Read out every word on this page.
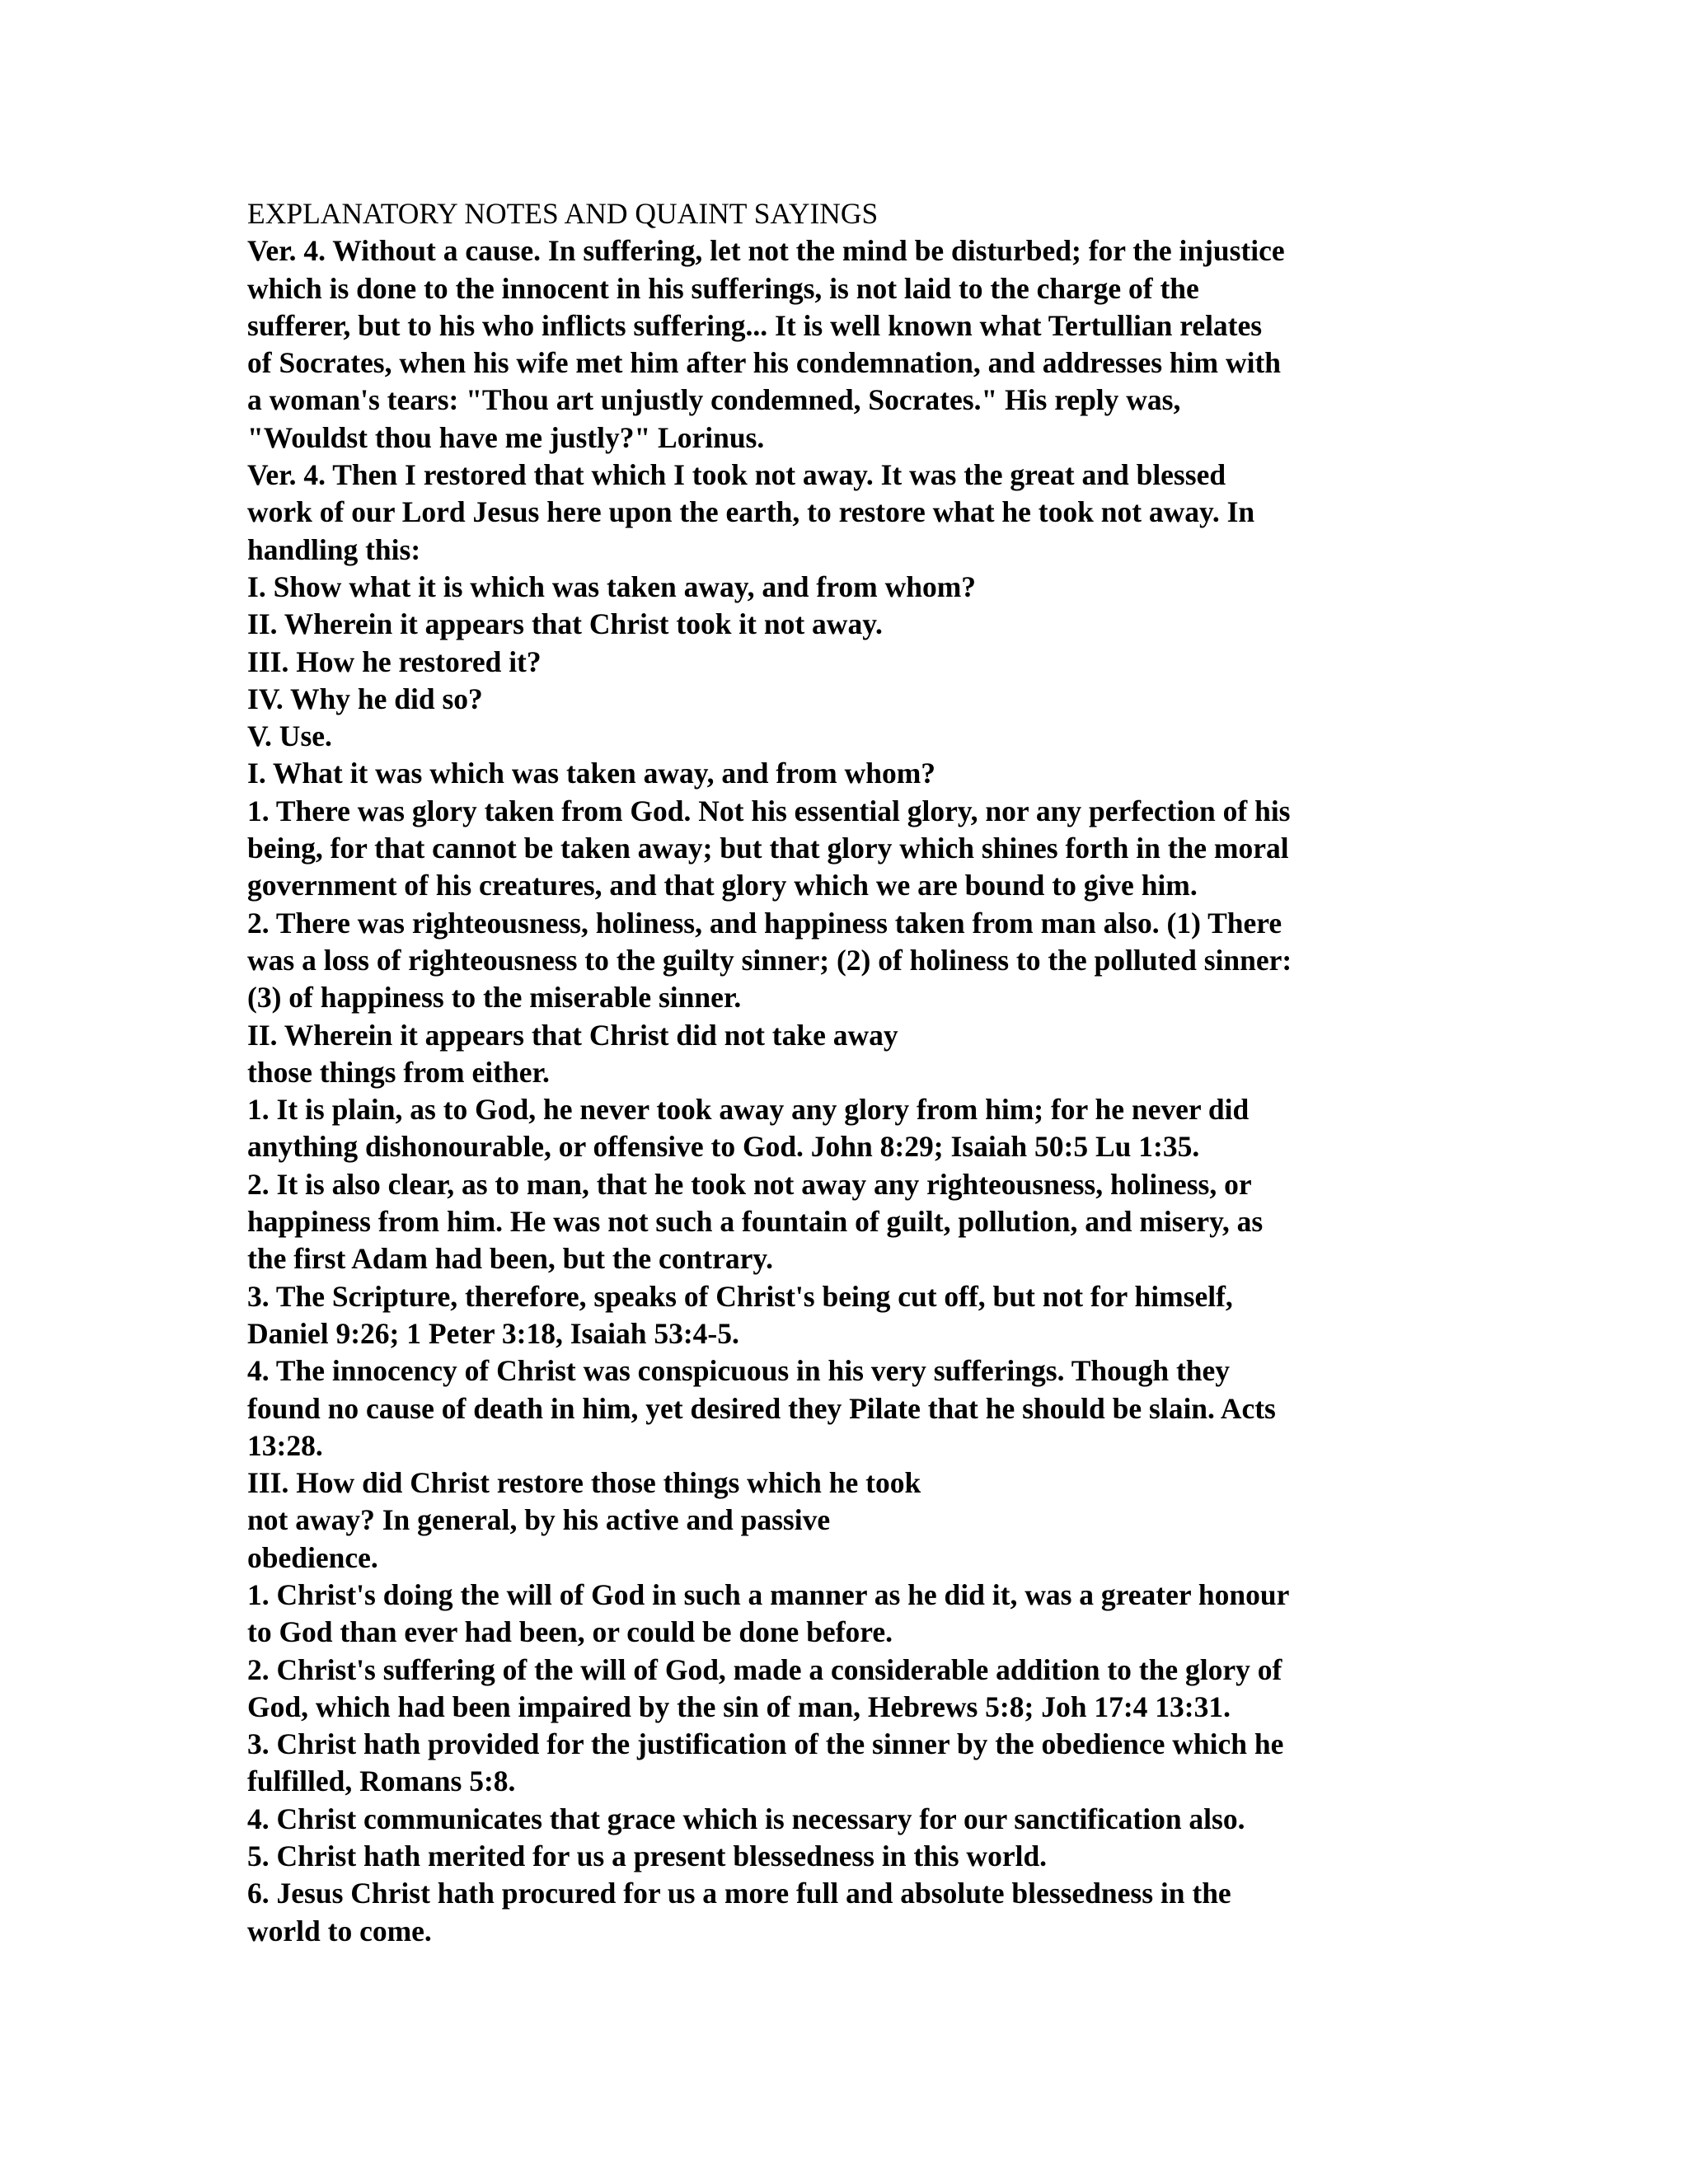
EXPLANATORY NOTES AND QUAINT SAYINGS
Ver. 4. Without a cause. In suffering, let not the mind be disturbed; for the injustice
which is done to the innocent in his sufferings, is not laid to the charge of the
sufferer, but to his who inflicts suffering... It is well known what Tertullian relates
of Socrates, when his wife met him after his condemnation, and addresses him with
a woman's tears: "Thou art unjustly condemned, Socrates." His reply was,
"Wouldst thou have me justly?" Lorinus.
Ver. 4. Then I restored that which I took not away. It was the great and blessed
work of our Lord Jesus here upon the earth, to restore what he took not away. In
handling this:
I. Show what it is which was taken away, and from whom?
II. Wherein it appears that Christ took it not away.
III. How he restored it?
IV. Why he did so?
V. Use.
I. What it was which was taken away, and from whom?
1. There was glory taken from God. Not his essential glory, nor any perfection of his
being, for that cannot be taken away; but that glory which shines forth in the moral
government of his creatures, and that glory which we are bound to give him.
2. There was righteousness, holiness, and happiness taken from man also. (1) There
was a loss of righteousness to the guilty sinner; (2) of holiness to the polluted sinner:
(3) of happiness to the miserable sinner.
II. Wherein it appears that Christ did not take away
those things from either.
1. It is plain, as to God, he never took away any glory from him; for he never did
anything dishonourable, or offensive to God. John 8:29; Isaiah 50:5 Lu 1:35.
2. It is also clear, as to man, that he took not away any righteousness, holiness, or
happiness from him. He was not such a fountain of guilt, pollution, and misery, as
the first Adam had been, but the contrary.
3. The Scripture, therefore, speaks of Christ's being cut off, but not for himself,
Daniel 9:26; 1 Peter 3:18, Isaiah 53:4-5.
4. The innocency of Christ was conspicuous in his very sufferings. Though they
found no cause of death in him, yet desired they Pilate that he should be slain. Acts
13:28.
III. How did Christ restore those things which he took
not away? In general, by his active and passive
obedience.
1. Christ's doing the will of God in such a manner as he did it, was a greater honour
to God than ever had been, or could be done before.
2. Christ's suffering of the will of God, made a considerable addition to the glory of
God, which had been impaired by the sin of man, Hebrews 5:8; Joh 17:4 13:31.
3. Christ hath provided for the justification of the sinner by the obedience which he
fulfilled, Romans 5:8.
4. Christ communicates that grace which is necessary for our sanctification also.
5. Christ hath merited for us a present blessedness in this world.
6. Jesus Christ hath procured for us a more full and absolute blessedness in the
world to come.
